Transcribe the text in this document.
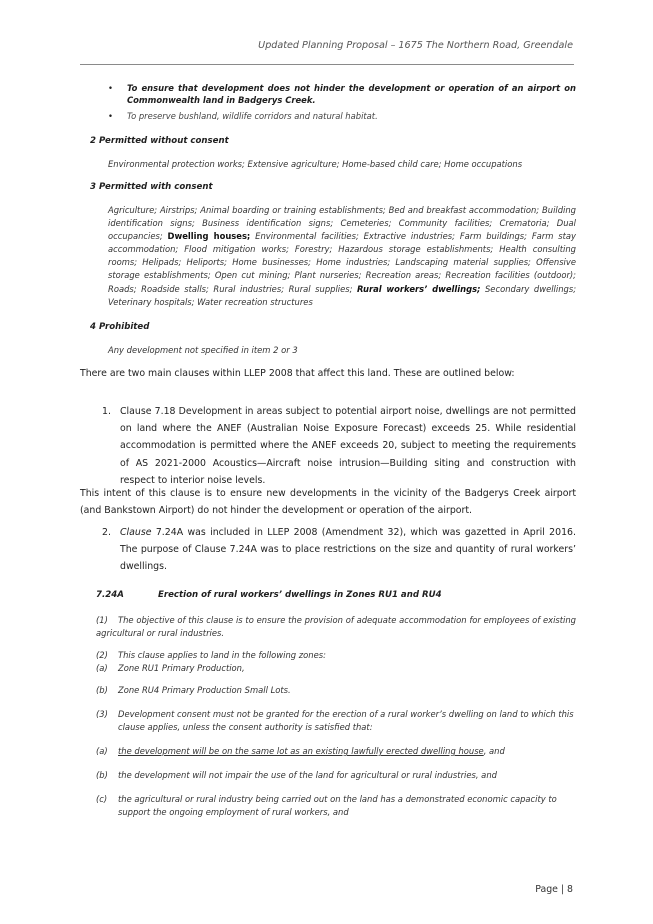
Updated Planning Proposal – 1675 The Northern Road, Greendale
•	To ensure that development does not hinder the development or operation of an airport on Commonwealth land in Badgerys Creek.
•	To preserve bushland, wildlife corridors and natural habitat.
2 Permitted without consent
Environmental protection works; Extensive agriculture; Home-based child care; Home occupations
3 Permitted with consent
Agriculture; Airstrips; Animal boarding or training establishments; Bed and breakfast accommodation; Building identification signs; Business identification signs; Cemeteries; Community facilities; Crematoria; Dual occupancies; Dwelling houses; Environmental facilities; Extractive industries; Farm buildings; Farm stay accommodation; Flood mitigation works; Forestry; Hazardous storage establishments; Health consulting rooms; Helipads; Heliports; Home businesses; Home industries; Landscaping material supplies; Offensive storage establishments; Open cut mining; Plant nurseries; Recreation areas; Recreation facilities (outdoor); Roads; Roadside stalls; Rural industries; Rural supplies; Rural workers’ dwellings; Secondary dwellings; Veterinary hospitals; Water recreation structures
4 Prohibited
Any development not specified in item 2 or 3
There are two main clauses within LLEP 2008 that affect this land. These are outlined below:
1. Clause 7.18 Development in areas subject to potential airport noise, dwellings are not permitted on land where the ANEF (Australian Noise Exposure Forecast) exceeds 25. While residential accommodation is permitted where the ANEF exceeds 20, subject to meeting the requirements of AS 2021-2000 Acoustics—Aircraft noise intrusion—Building siting and construction with respect to interior noise levels.
This intent of this clause is to ensure new developments in the vicinity of the Badgerys Creek airport (and Bankstown Airport) do not hinder the development or operation of the airport.
2. Clause 7.24A was included in LLEP 2008 (Amendment 32), which was gazetted in April 2016. The purpose of Clause 7.24A was to place restrictions on the size and quantity of rural workers’ dwellings.
7.24A	Erection of rural workers’ dwellings in Zones RU1 and RU4
(1)	The objective of this clause is to ensure the provision of adequate accommodation for employees of existing agricultural or rural industries.
(2) This clause applies to land in the following zones:
(a) Zone RU1 Primary Production,
(b) Zone RU4 Primary Production Small Lots.
(3) Development consent must not be granted for the erection of a rural worker’s dwelling on land to which this clause applies, unless the consent authority is satisfied that:
(a) the development will be on the same lot as an existing lawfully erected dwelling house, and
(b) the development will not impair the use of the land for agricultural or rural industries, and
(c) the agricultural or rural industry being carried out on the land has a demonstrated economic capacity to support the ongoing employment of rural workers, and
Page | 8
